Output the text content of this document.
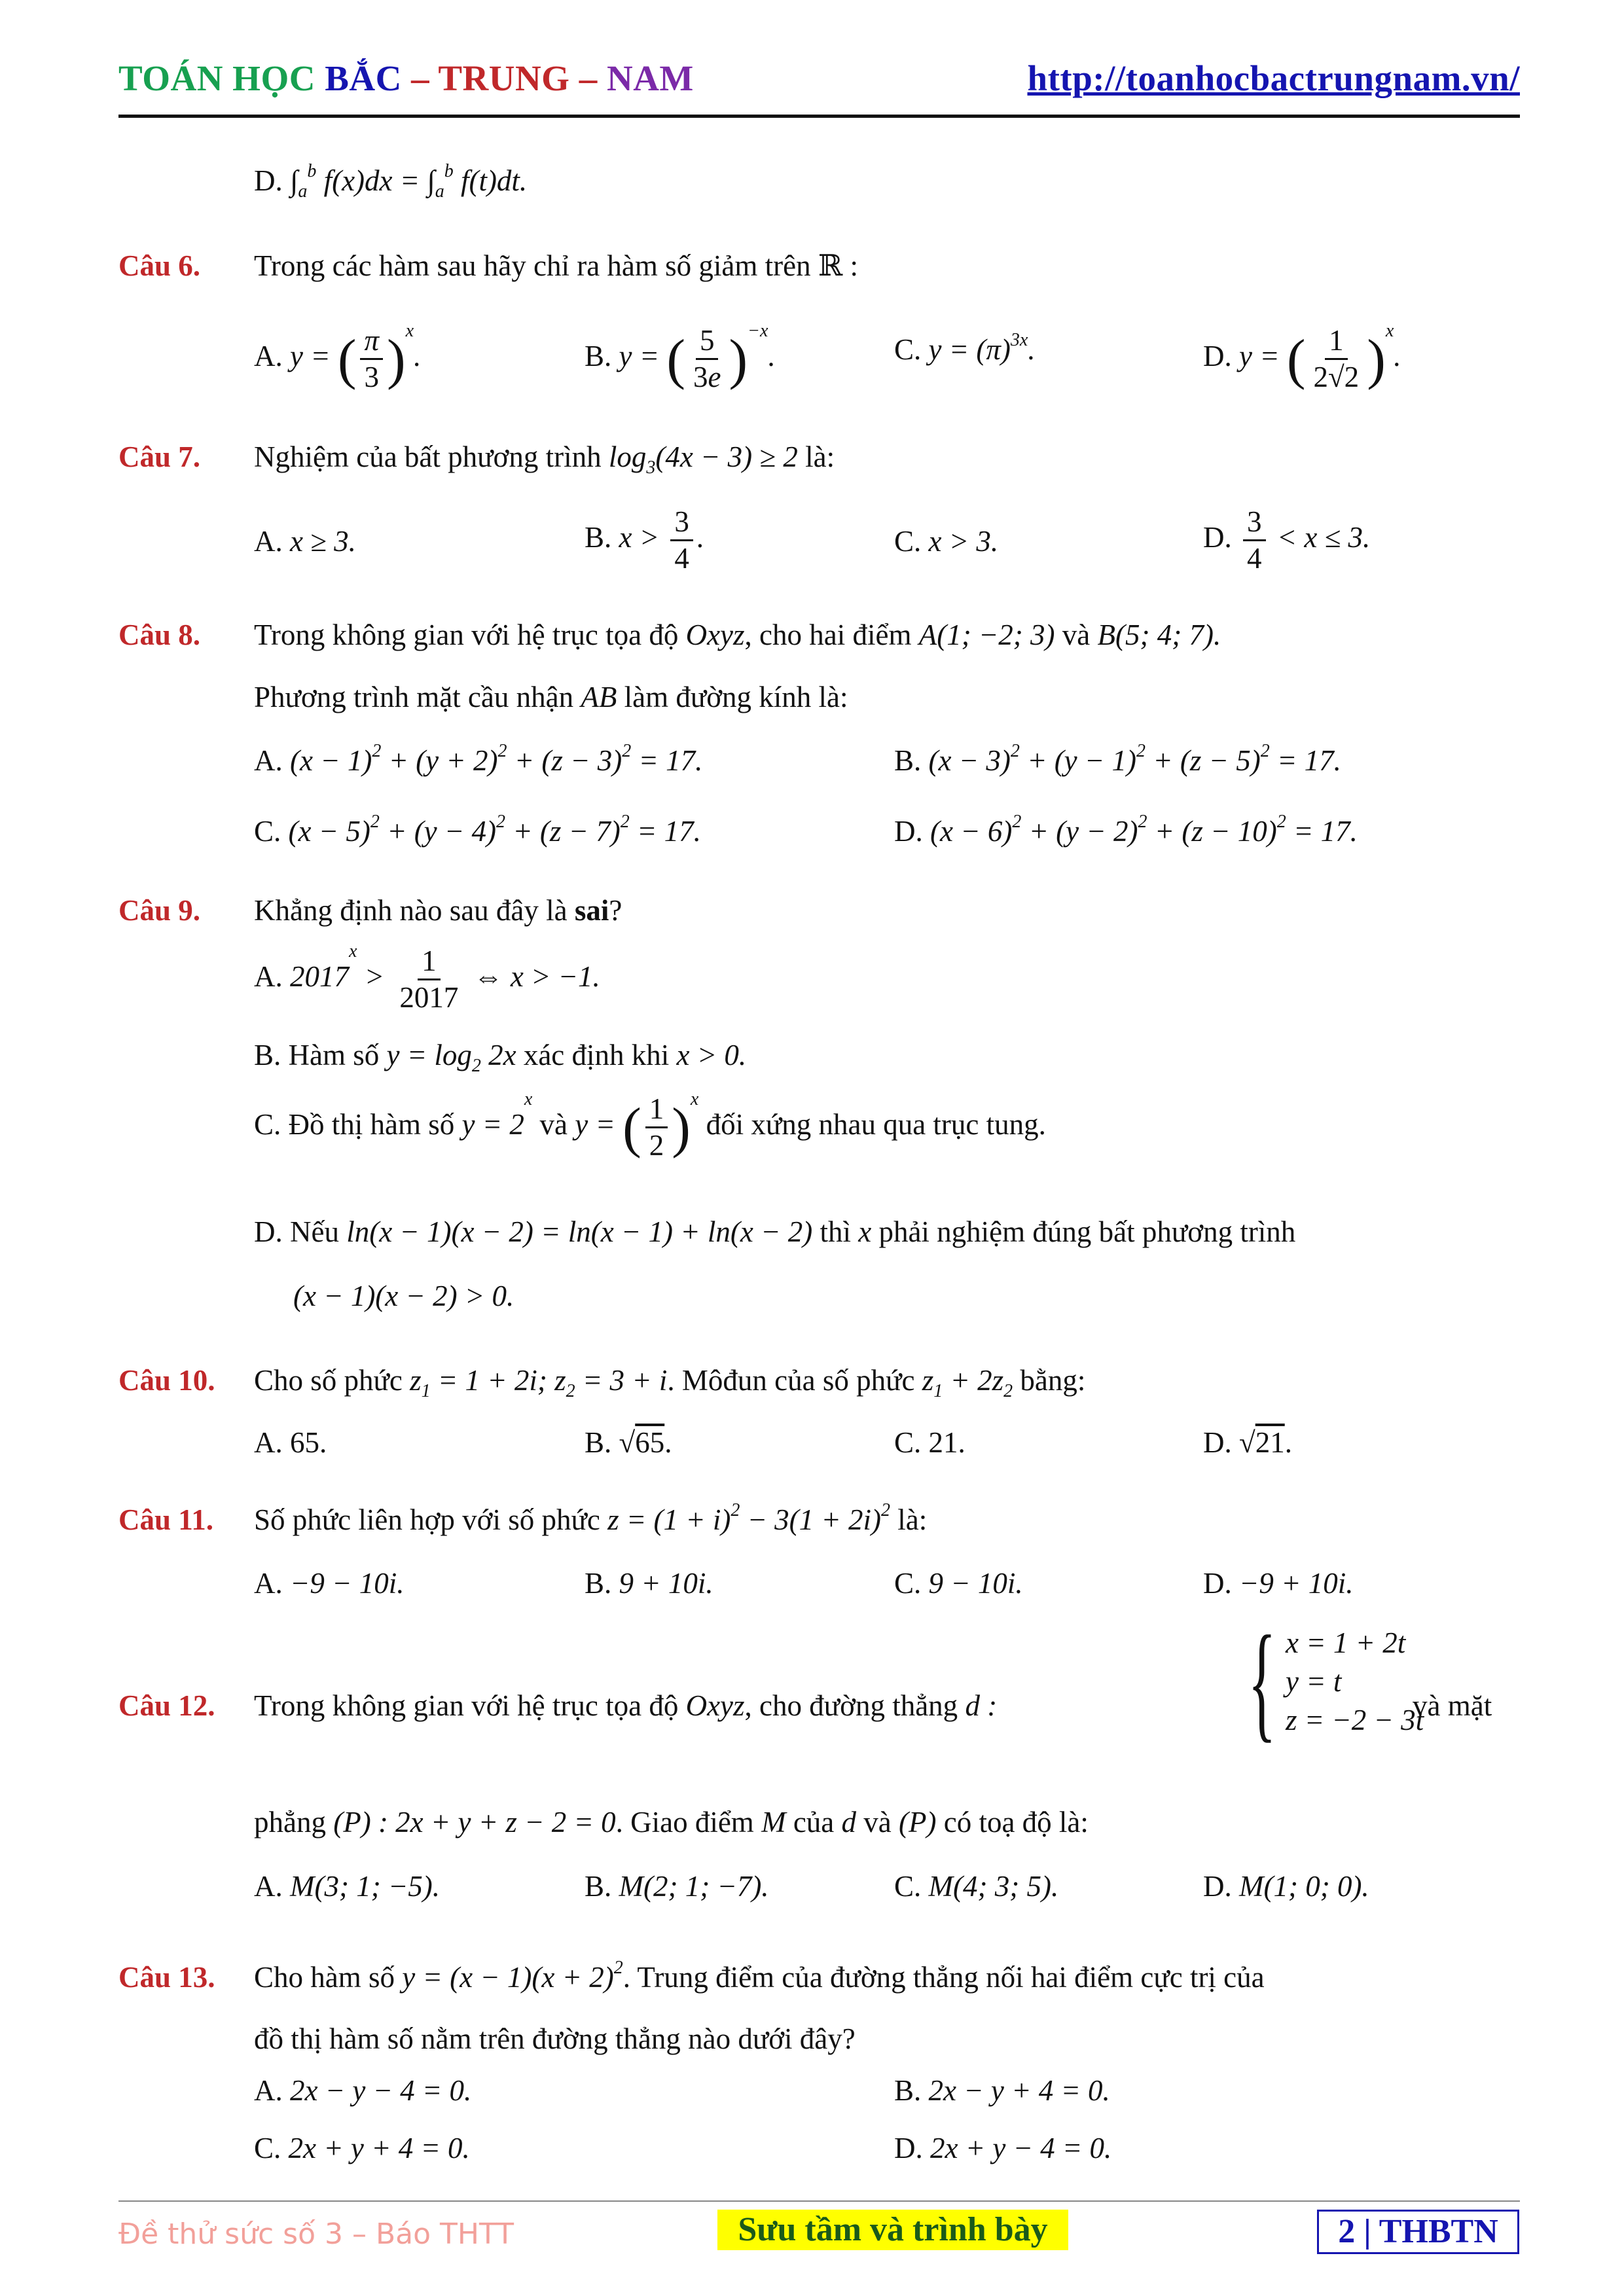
TOÁN HỌC BẮC – TRUNG – NAM	http://toanhocbactrungnam.vn/
D. $\int_a^b$ $f(x)dx = \int_a^b$ f(t)dt.
Câu 6. Trong các hàm sau hãy chỉ ra hàm số giảm trên ℝ :
A. y = ( $\frac{\pi}{3} )^x$.	B. y = ( $\frac{5}{3e} )^{-x}$.	C. $y = (\pi)^{3x}$.	D. y = ( $\frac{1}{2√2} )^x$.
Câu 7. Nghiệm của bất phương trình $\log_3(4x - 3) \ge 2$ là:
A. x ≥ 3.	B. $x > \frac{3}{4}$ .	C. x > 3.	D. $\frac{3}{4} < x \le 3$.
Câu 8. Trong không gian với hệ trục tọa độ Oxyz, cho hai điểm A(1; −2; 3) và B(5; 4; 7).
Phương trình mặt cầu nhận AB làm đường kính là:
A. $(x - 1)^2 + (y + 2)^2 + (z - 3)^2 = 17$.	B. $(x - 3)^2 + (y - 1)^2 + (z - 5)^2 = 17$.
C. $(x - 5)^2 + (y - 4)^2 + (z - 7)^2 = 17$.	D. $(x - 6)^2 + (y - 2)^2 + (z - 10)^2 = 17$.
Câu 9. Khẳng định nào sau đây là sai?
A. $2017^x > \frac{1}{2017}$ ⇔ x > −1.
B. Hàm số $y = \log_2 2x$ xác định khi x > 0.
C. Đồ thị hàm số $y = 2^x$ và y = ( $\frac{1}{2} )^x$ đối xứng nhau qua trục tung.
D. Nếu ln(x − 1)(x − 2) = ln(x − 1) + ln(x − 2) thì x phải nghiệm đúng bất phương trình
(x − 1)(x − 2) > 0.
Câu 10. Cho số phức $z_1 = 1 + 2i$; $z_2 = 3 + i$. Môđun của số phức $z_1 + 2z_2$ bằng:
A. 65.	B. √65.	C. 21.	D. √21.
Câu 11. Số phức liên hợp với số phức $z = (1 + i)^2 - 3(1 + 2i)^2$ là:
A. −9 − 10i.	B. 9 + 10i.	C. 9 − 10i.	D. −9 + 10i.
Câu 12. Trong không gian với hệ trục tọa độ Oxyz, cho đường thẳng d : { x = 1 + 2t
y = t
z = −2 − 3t
và mặt
phẳng (P) : 2x + y + z − 2 = 0. Giao điểm M của d và (P) có toạ độ là:
A. M(3; 1; −5).	B. M(2; 1; −7).	C. M(4; 3; 5).	D. M(1; 0; 0).
Câu 13. Cho hàm số $y = (x - 1)(x + 2)^2$. Trung điểm của đường thẳng nối hai điểm cực trị của
đồ thị hàm số nằm trên đường thẳng nào dưới đây?
A. 2x − y − 4 = 0.	B. 2x − y + 4 = 0.
C. 2x + y + 4 = 0.	D. 2x + y − 4 = 0.
Đề thử sức số 3 – Báo THTT	Sưu tầm và trình bày	2 | THBTN
